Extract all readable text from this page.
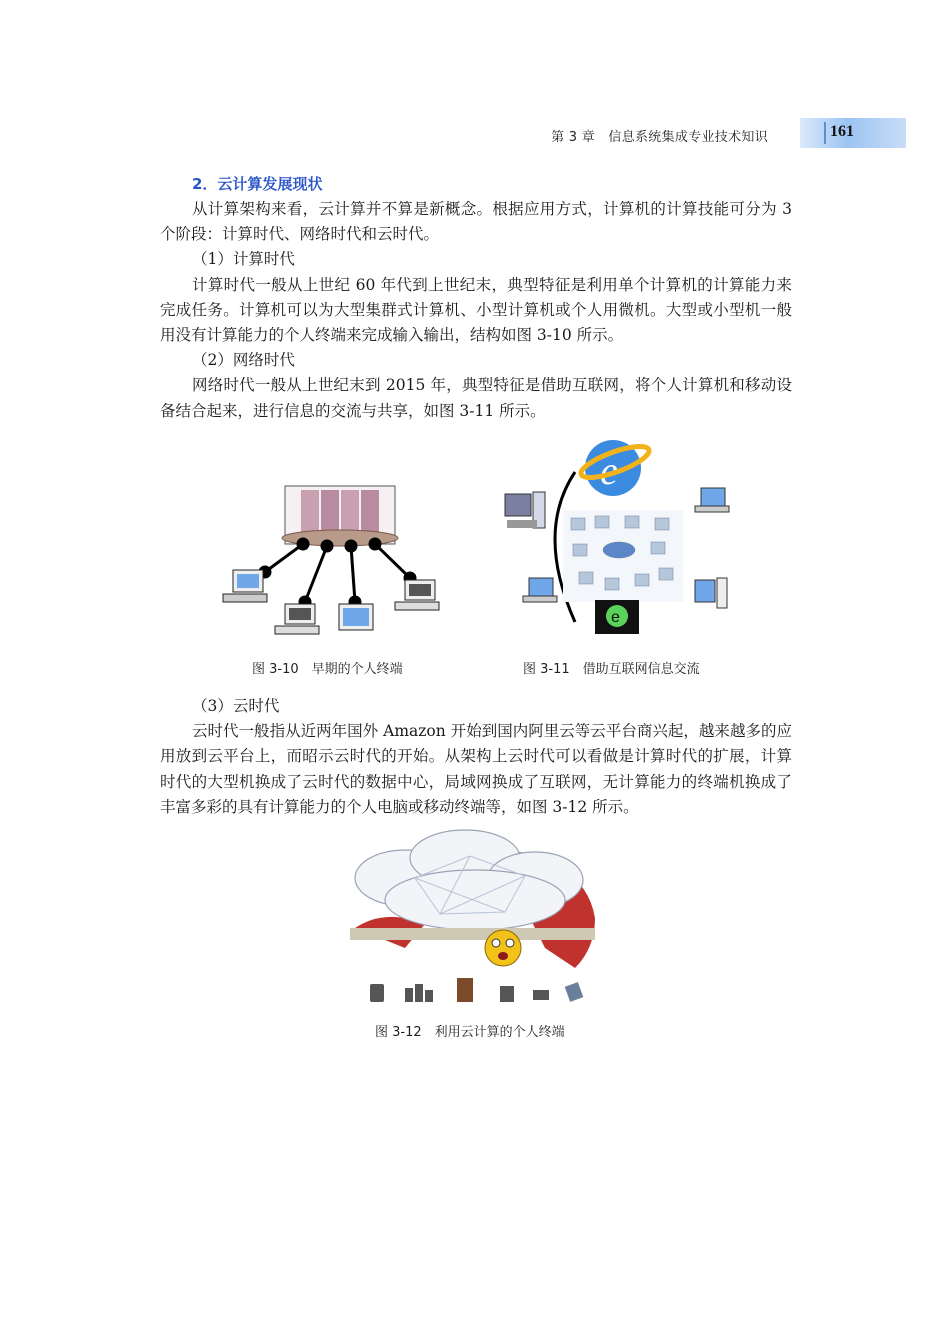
第 3 章　信息系统集成专业技术知识	161
2．云计算发展现状

从计算架构来看，云计算并不算是新概念。根据应用方式，计算机的计算技能可分为 3 个阶段：计算时代、网络时代和云时代。

（1）计算时代

计算时代一般从上世纪 60 年代到上世纪末，典型特征是利用单个计算机的计算能力来完成任务。计算机可以为大型集群式计算机、小型计算机或个人用微机。大型或小型机一般用没有计算能力的个人终端来完成输入输出，结构如图 3-10 所示。

（2）网络时代

网络时代一般从上世纪末到 2015 年，典型特征是借助互联网，将个人计算机和移动设备结合起来，进行信息的交流与共享，如图 3-11 所示。

e
e
图 3-10　早期的个人终端	图 3-11　借助互联网信息交流
（3）云时代

云时代一般指从近两年国外 Amazon 开始到国内阿里云等云平台商兴起，越来越多的应用放到云平台上，而昭示云时代的开始。从架构上云时代可以看做是计算时代的扩展，计算时代的大型机换成了云时代的数据中心，局域网换成了互联网，无计算能力的终端机换成了丰富多彩的具有计算能力的个人电脑或移动终端等，如图 3-12 所示。

图 3-12　利用云计算的个人终端
